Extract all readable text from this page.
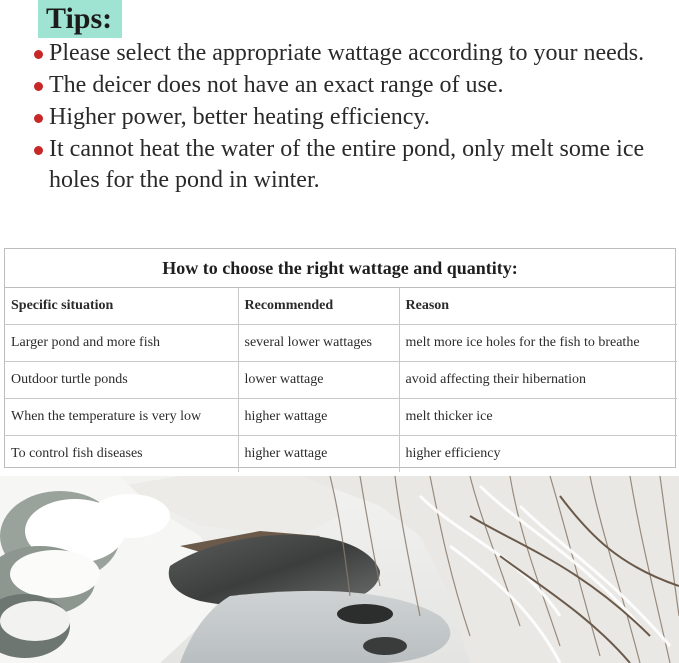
Tips:
Please select the appropriate wattage according to your needs.
The deicer does not have an exact range of use.
Higher power, better heating efficiency.
It cannot heat the water of the entire pond, only melt some ice holes for the pond in winter.
How to choose the right wattage and quantity:
Specific situation	Recommended	Reason
Larger pond and more fish	several lower wattages	melt more ice holes for the fish to breathe
Outdoor turtle ponds	lower wattage	avoid affecting their hibernation
When the temperature is very low	higher wattage	melt thicker ice
To control fish diseases	higher wattage	higher efficiency
